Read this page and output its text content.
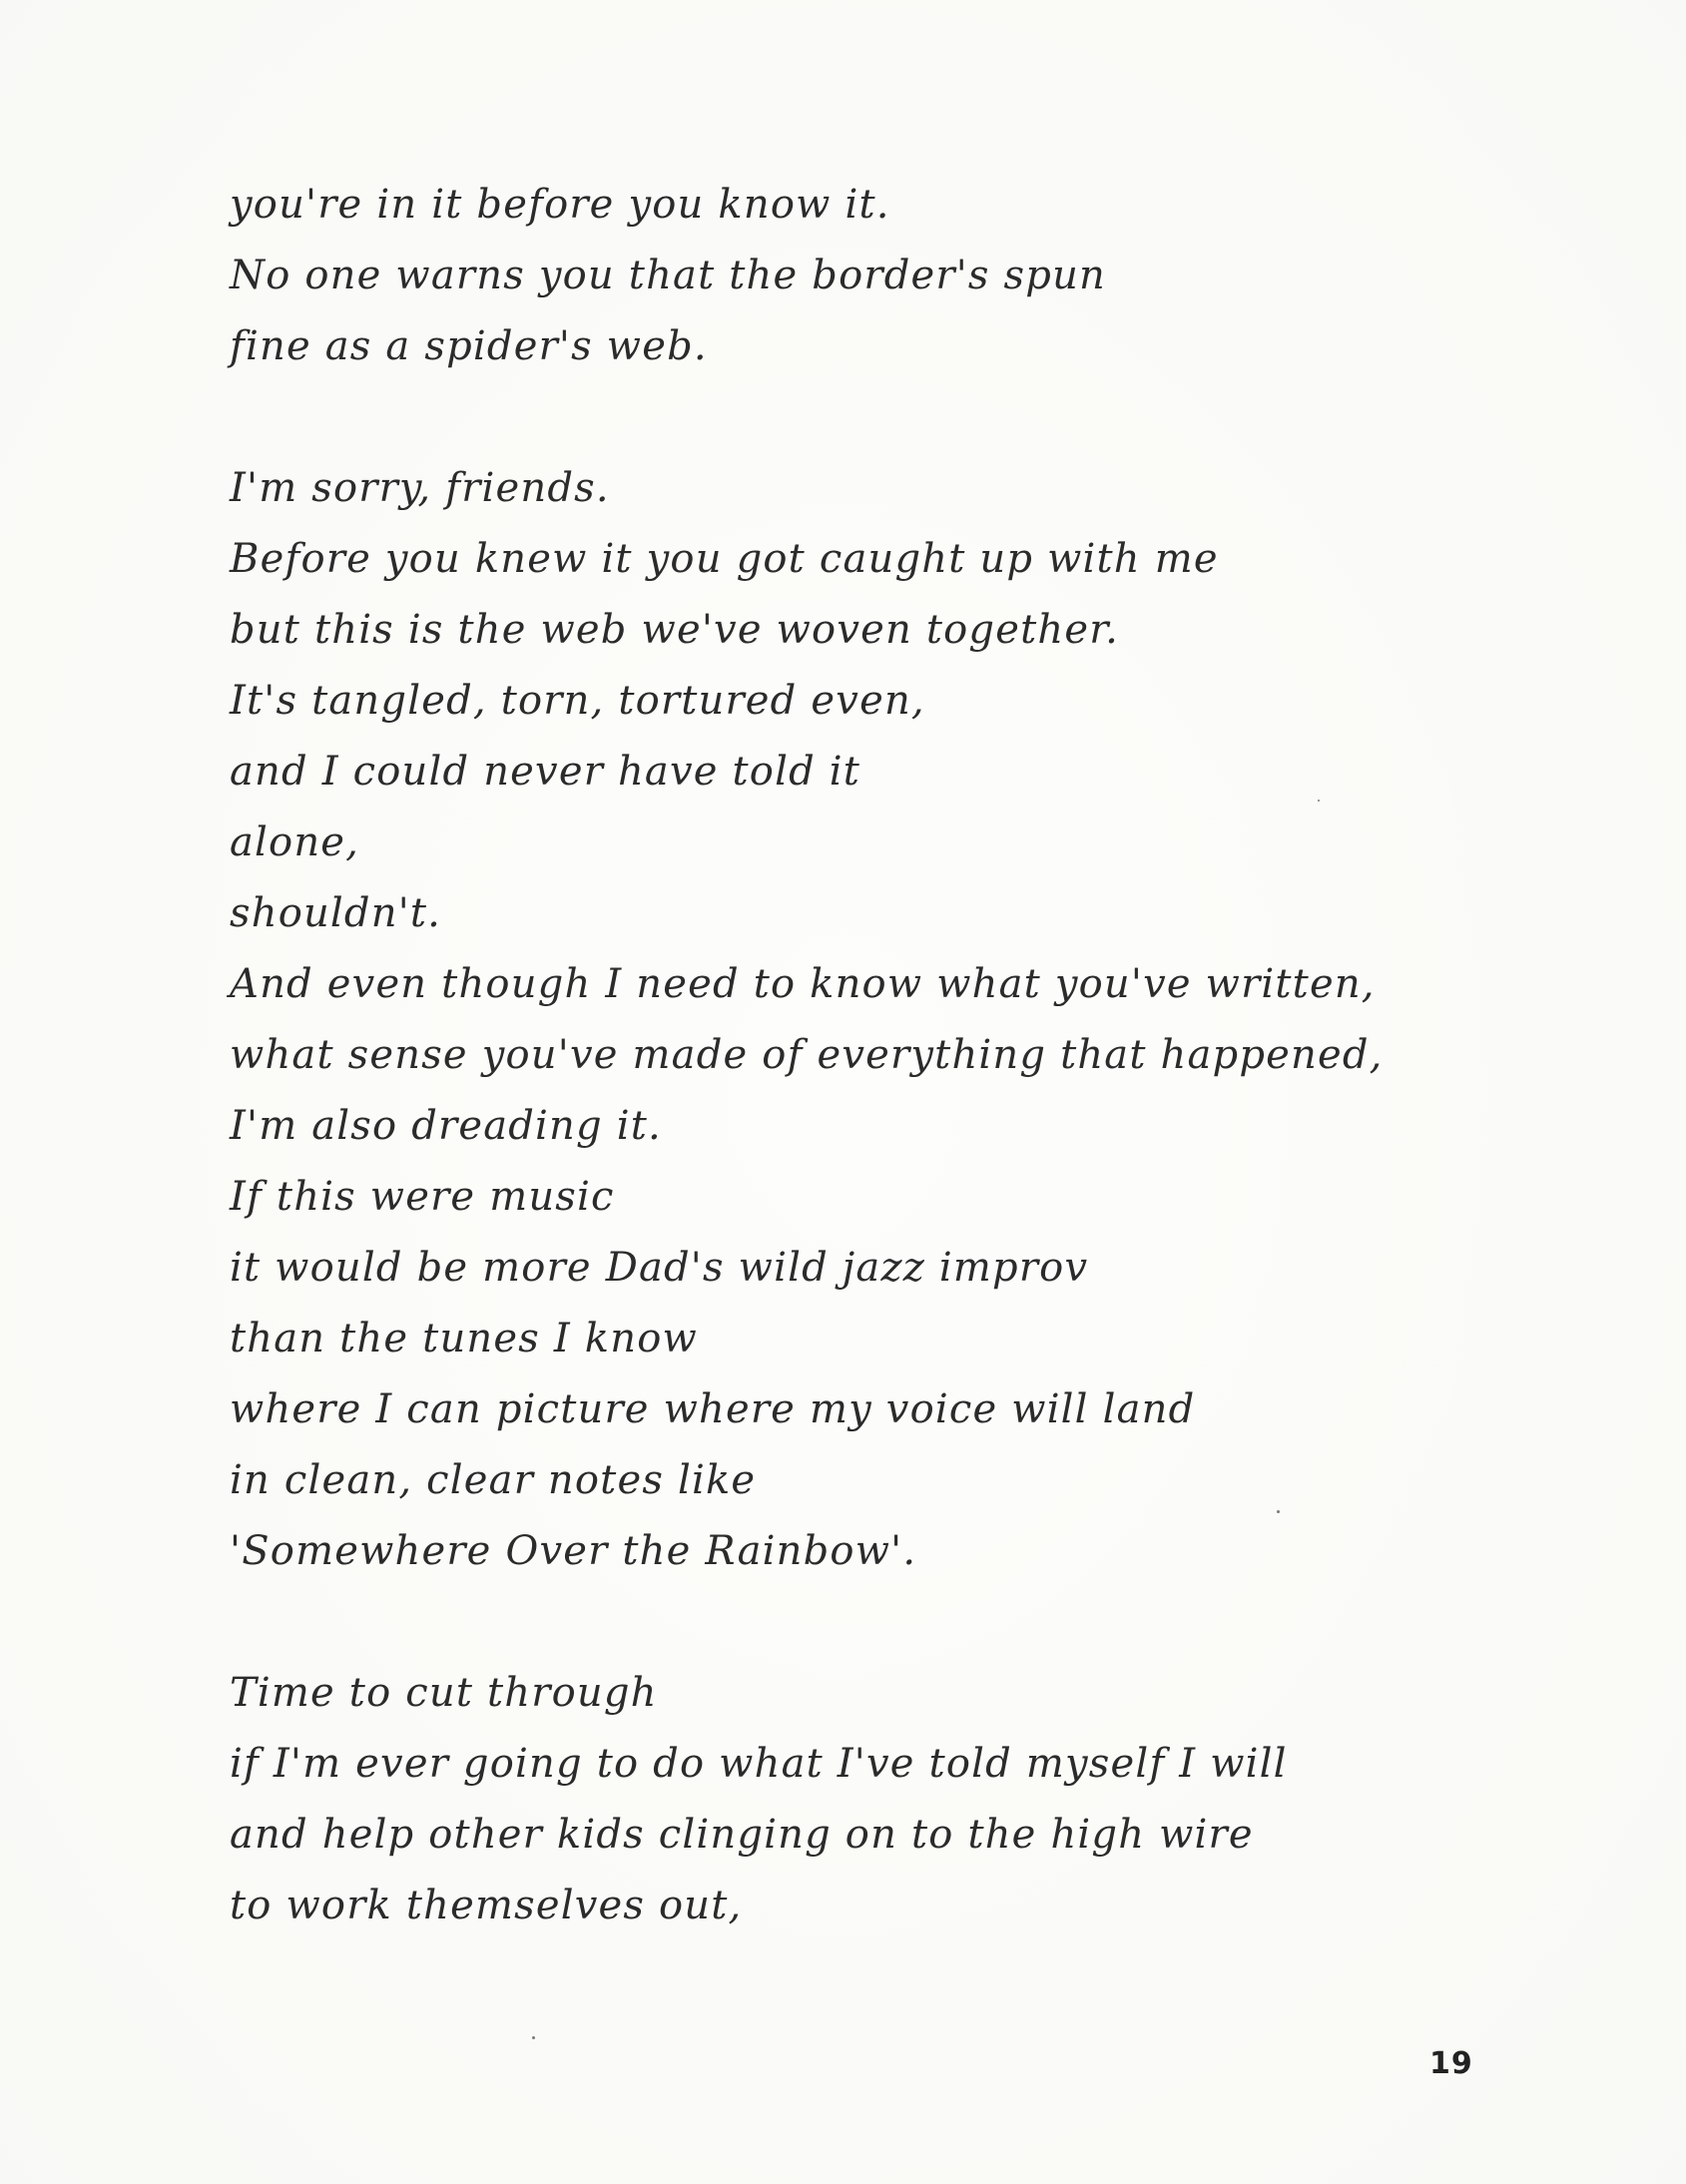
you're in it before you know it.
No one warns you that the border's spun
fine as a spider's web.
I'm sorry, friends.
Before you knew it you got caught up with me
but this is the web we've woven together.
It's tangled, torn, tortured even,
and I could never have told it
alone,
shouldn't.
And even though I need to know what you've written,
what sense you've made of everything that happened,
I'm also dreading it.
If this were music
it would be more Dad's wild jazz improv
than the tunes I know
where I can picture where my voice will land
in clean, clear notes like
'Somewhere Over the Rainbow'.
Time to cut through
if I'm ever going to do what I've told myself I will
and help other kids clinging on to the high wire
to work themselves out,
19
